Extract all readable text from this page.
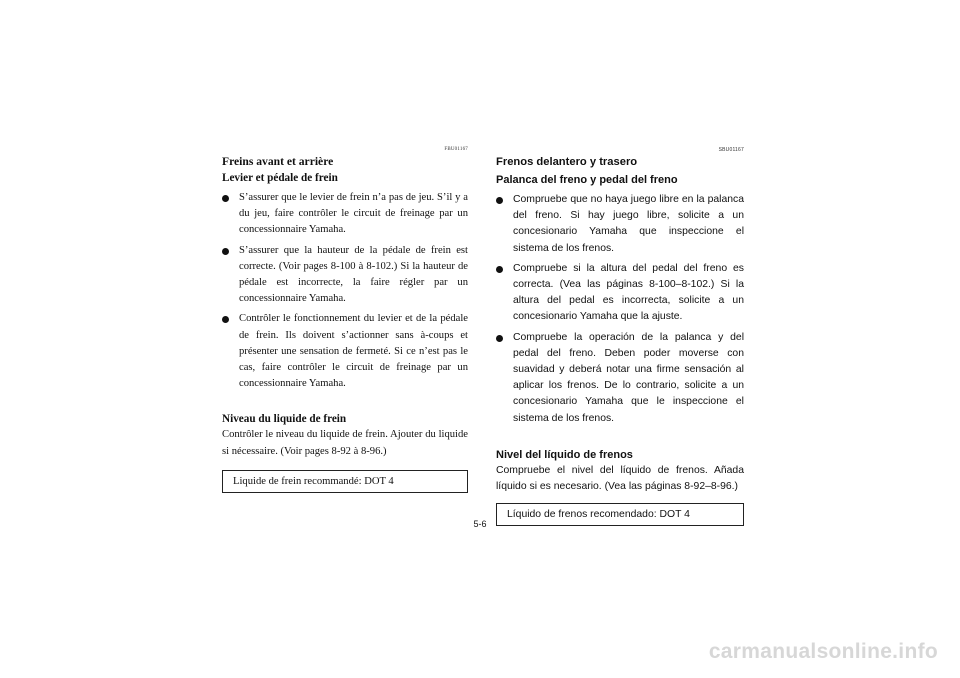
FBU01167
Freins avant et arrière
Levier et pédale de frein
S’assurer que le levier de frein n’a pas de jeu. S’il y a du jeu, faire contrôler le circuit de freinage par un concessionnaire Yamaha.
S’assurer que la hauteur de la pédale de frein est correcte. (Voir pages 8-100 à 8-102.) Si la hauteur de pédale est incorrecte, la faire régler par un concessionnaire Yamaha.
Contrôler le fonctionnement du levier et de la pédale de frein. Ils doivent s’actionner sans à-coups et présenter une sensation de fermeté. Si ce n’est pas le cas, faire contrôler le circuit de freinage par un concessionnaire Yamaha.
Niveau du liquide de frein

Contrôler le niveau du liquide de frein. Ajouter du liquide si nécessaire. (Voir pages 8-92 à 8-96.)

Liquide de frein recommandé: DOT 4
SBU01167
Frenos delantero y trasero
Palanca del freno y pedal del freno
Compruebe que no haya juego libre en la palanca del freno. Si hay juego libre, solicite a un concesionario Yamaha que inspeccione el sistema de los frenos.
Compruebe si la altura del pedal del freno es correcta. (Vea las páginas 8-100–8-102.) Si la altura del pedal es incorrecta, solicite a un concesionario Yamaha que la ajuste.
Compruebe la operación de la palanca y del pedal del freno. Deben poder moverse con suavidad y deberá notar una firme sensación al aplicar los frenos. De lo contrario, solicite a un concesionario Yamaha que le inspeccione el sistema de los frenos.
Nivel del líquido de frenos

Compruebe el nivel del líquido de frenos. Añada líquido si es necesario. (Vea las páginas 8-92–8-96.)

Líquido de frenos recomendado: DOT 4
5-6
carmanualsonline.info
